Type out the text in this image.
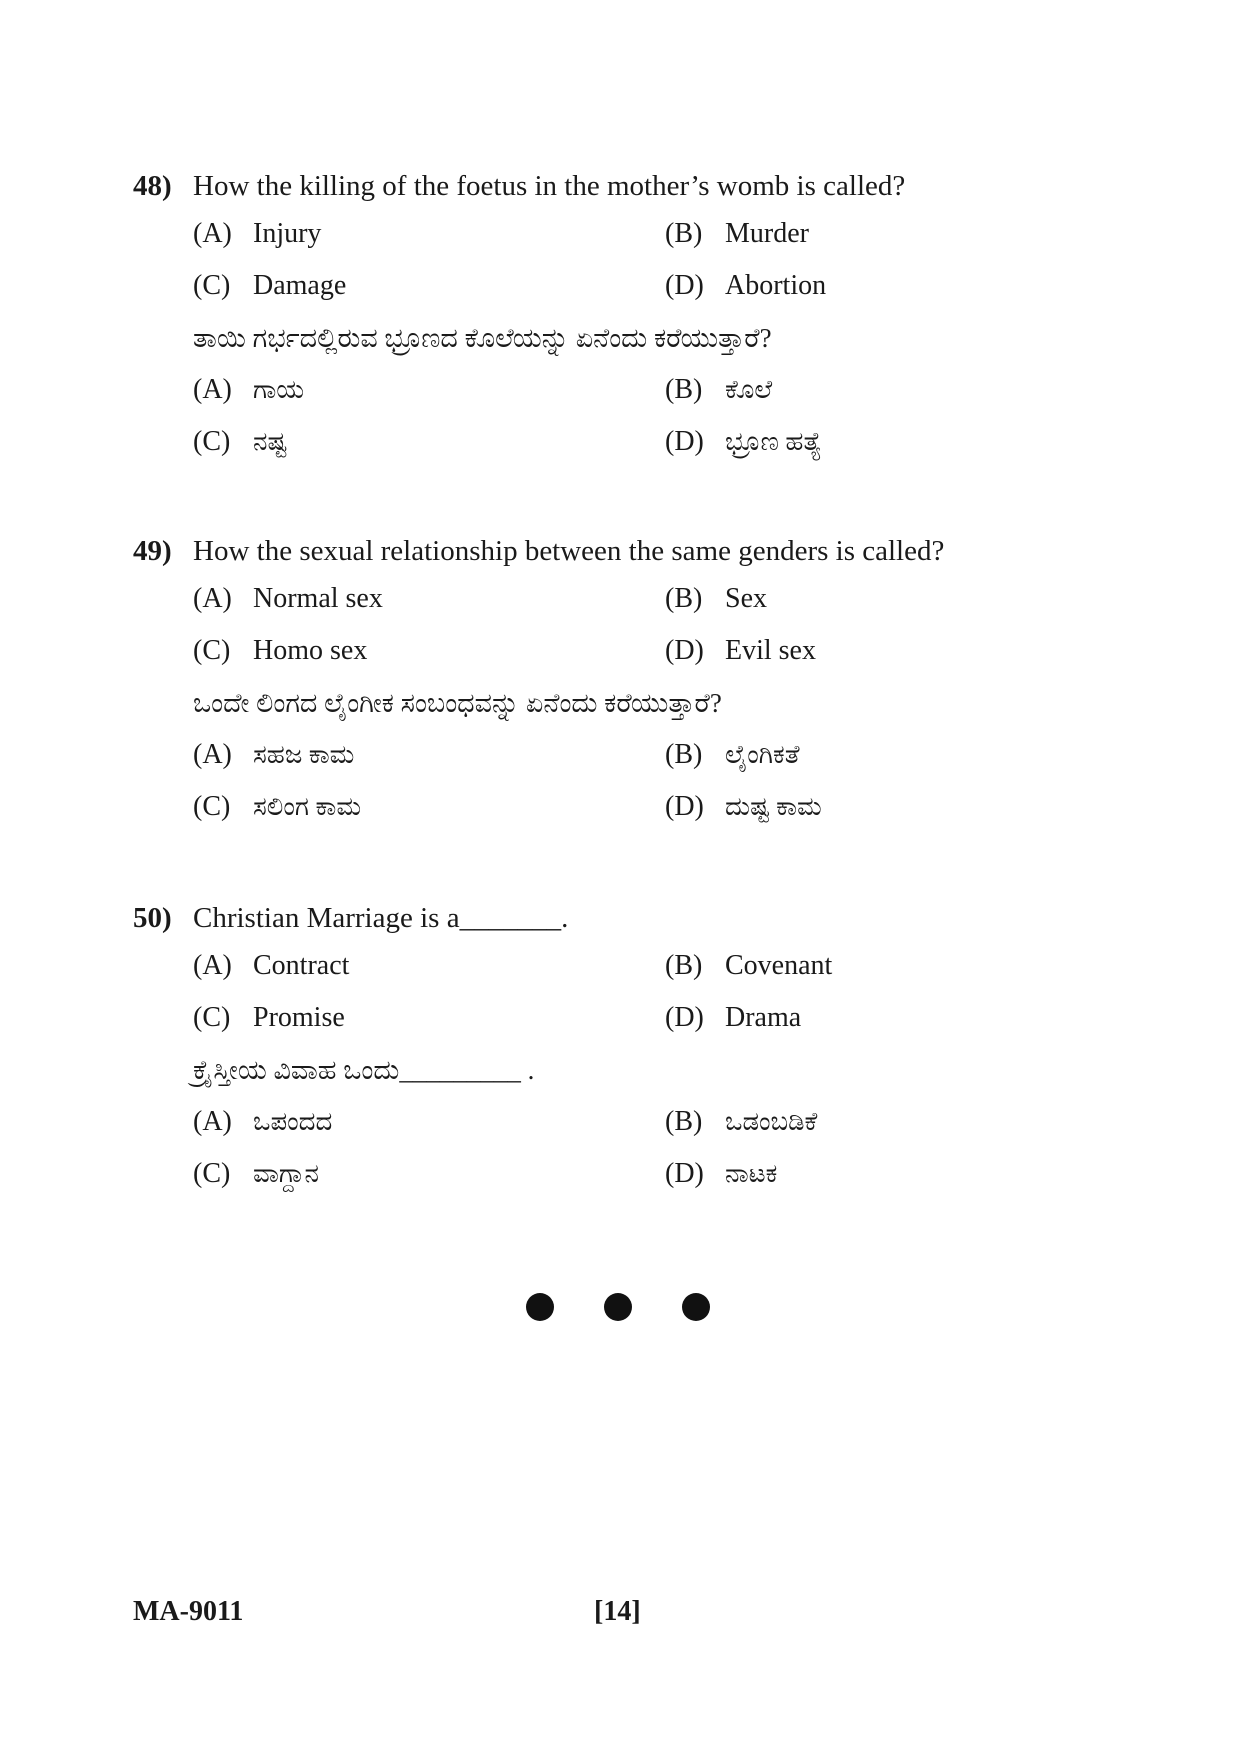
48) How the killing of the foetus in the mother’s womb is called?
(A) Injury	(B) Murder
(C) Damage	(D) Abortion
ತಾಯಿ ಗರ್ಭದಲ್ಲಿರುವ ಭ್ರೂಣದ ಕೊಲೆಯನ್ನು ಏನೆಂದು ಕರೆಯುತ್ತಾರೆ?
(A) ಗಾಯ	(B) ಕೊಲೆ
(C) ನಷ್ಟ	(D) ಭ್ರೂಣ ಹತ್ಯೆ
49) How the sexual relationship between the same genders is called?
(A) Normal sex	(B) Sex
(C) Homo sex	(D) Evil sex
ಒಂದೇ ಲಿಂಗದ ಲೈಂಗೀಕ ಸಂಬಂಧವನ್ನು ಏನೆಂದು ಕರೆಯುತ್ತಾರೆ?
(A) ಸಹಜ ಕಾಮ	(B) ಲೈಂಗಿಕತೆ
(C) ಸಲಿಂಗ ಕಾಮ	(D) ದುಷ್ಟ ಕಾಮ
50) Christian Marriage is a_______.
(A) Contract	(B) Covenant
(C) Promise	(D) Drama
ಕ್ರೈಸ್ತೀಯ ವಿವಾಹ ಒಂದು_________ .
(A) ಒಪಂದದ	(B) ಒಡಂಬಡಿಕೆ
(C) ವಾಗ್ದಾನ	(D) ನಾಟಕ
MA-9011	[14]
